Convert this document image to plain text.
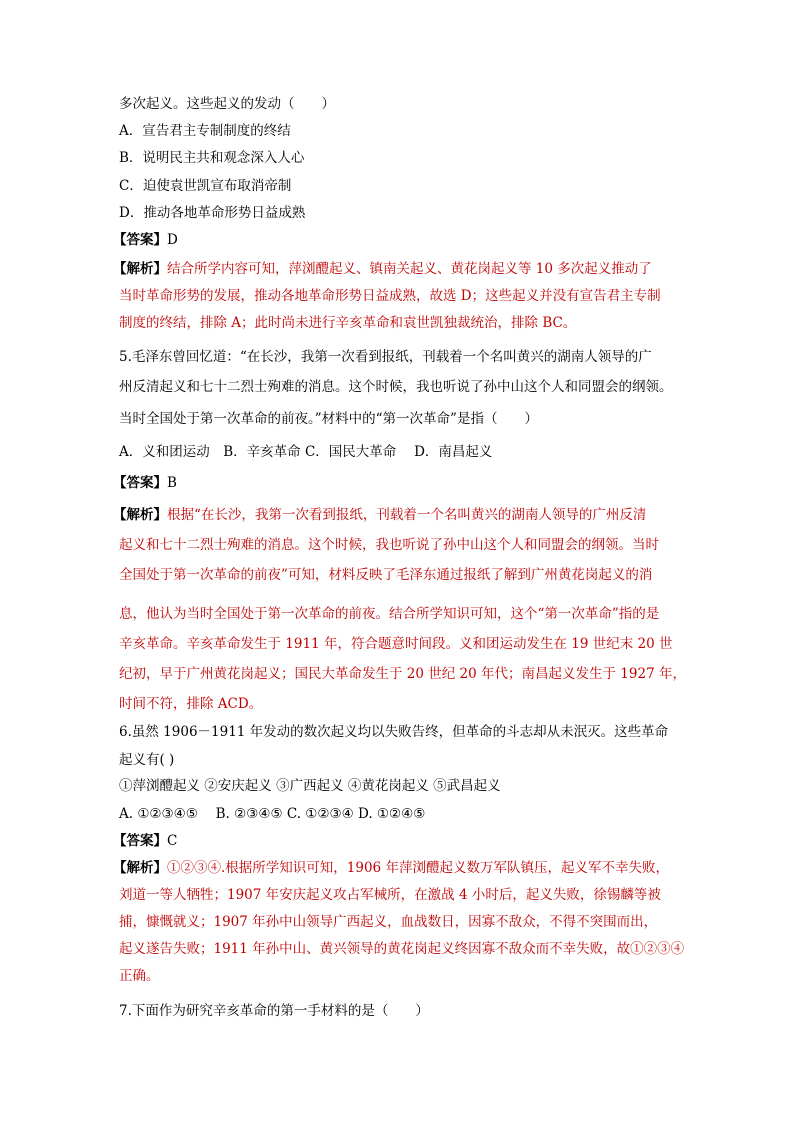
多次起义。这些起义的发动（　　）
A．宣告君主专制制度的终结
B．说明民主共和观念深入人心
C．迫使袁世凯宣布取消帝制
D．推动各地革命形势日益成熟
【答案】D
【解析】结合所学内容可知，萍浏醴起义、镇南关起义、黄花岗起义等 10 多次起义推动了
当时革命形势的发展，推动各地革命形势日益成熟，故选 D；这些起义并没有宣告君主专制
制度的终结，排除 A；此时尚未进行辛亥革命和袁世凯独裁统治，排除 BC。
5.毛泽东曾回忆道：“在长沙，我第一次看到报纸，刊载着一个名叫黄兴的湖南人领导的广
州反清起义和七十二烈士殉难的消息。这个时候，我也听说了孙中山这个人和同盟会的纲领。
当时全国处于第一次革命的前夜。”材料中的“第一次革命”是指（　　）
A．义和团运动　B．辛亥革命 C．国民大革命　 D．南昌起义
【答案】B
【解析】根据“在长沙，我第一次看到报纸，刊载着一个名叫黄兴的湖南人领导的广州反清
起义和七十二烈士殉难的消息。这个时候，我也听说了孙中山这个人和同盟会的纲领。当时
全国处于第一次革命的前夜”可知，材料反映了毛泽东通过报纸了解到广州黄花岗起义的消
息，他认为当时全国处于第一次革命的前夜。结合所学知识可知，这个“第一次革命”指的是
辛亥革命。辛亥革命发生于 1911 年，符合题意时间段。义和团运动发生在 19 世纪末 20 世
纪初，早于广州黄花岗起义；国民大革命发生于 20 世纪 20 年代；南昌起义发生于 1927 年，
时间不符，排除 ACD。
6.虽然 1906－1911 年发动的数次起义均以失败告终，但革命的斗志却从未泯灭。这些革命
起义有( )
①萍浏醴起义 ②安庆起义 ③广西起义 ④黄花岗起义 ⑤武昌起义
A. ①②③④⑤　 B. ②③④⑤ C. ①②③④ D. ①②④⑤
【答案】C
【解析】①②③④.根据所学知识可知，1906 年萍浏醴起义数万军队镇压，起义军不幸失败，
刘道一等人牺牲；1907 年安庆起义攻占军械所，在激战 4 小时后，起义失败，徐锡麟等被
捕，慷慨就义；1907 年孙中山领导广西起义，血战数日，因寡不敌众，不得不突围而出，
起义遂告失败；1911 年孙中山、黄兴领导的黄花岗起义终因寡不敌众而不幸失败，故①②③④
正确。
7.下面作为研究辛亥革命的第一手材料的是（　　）
